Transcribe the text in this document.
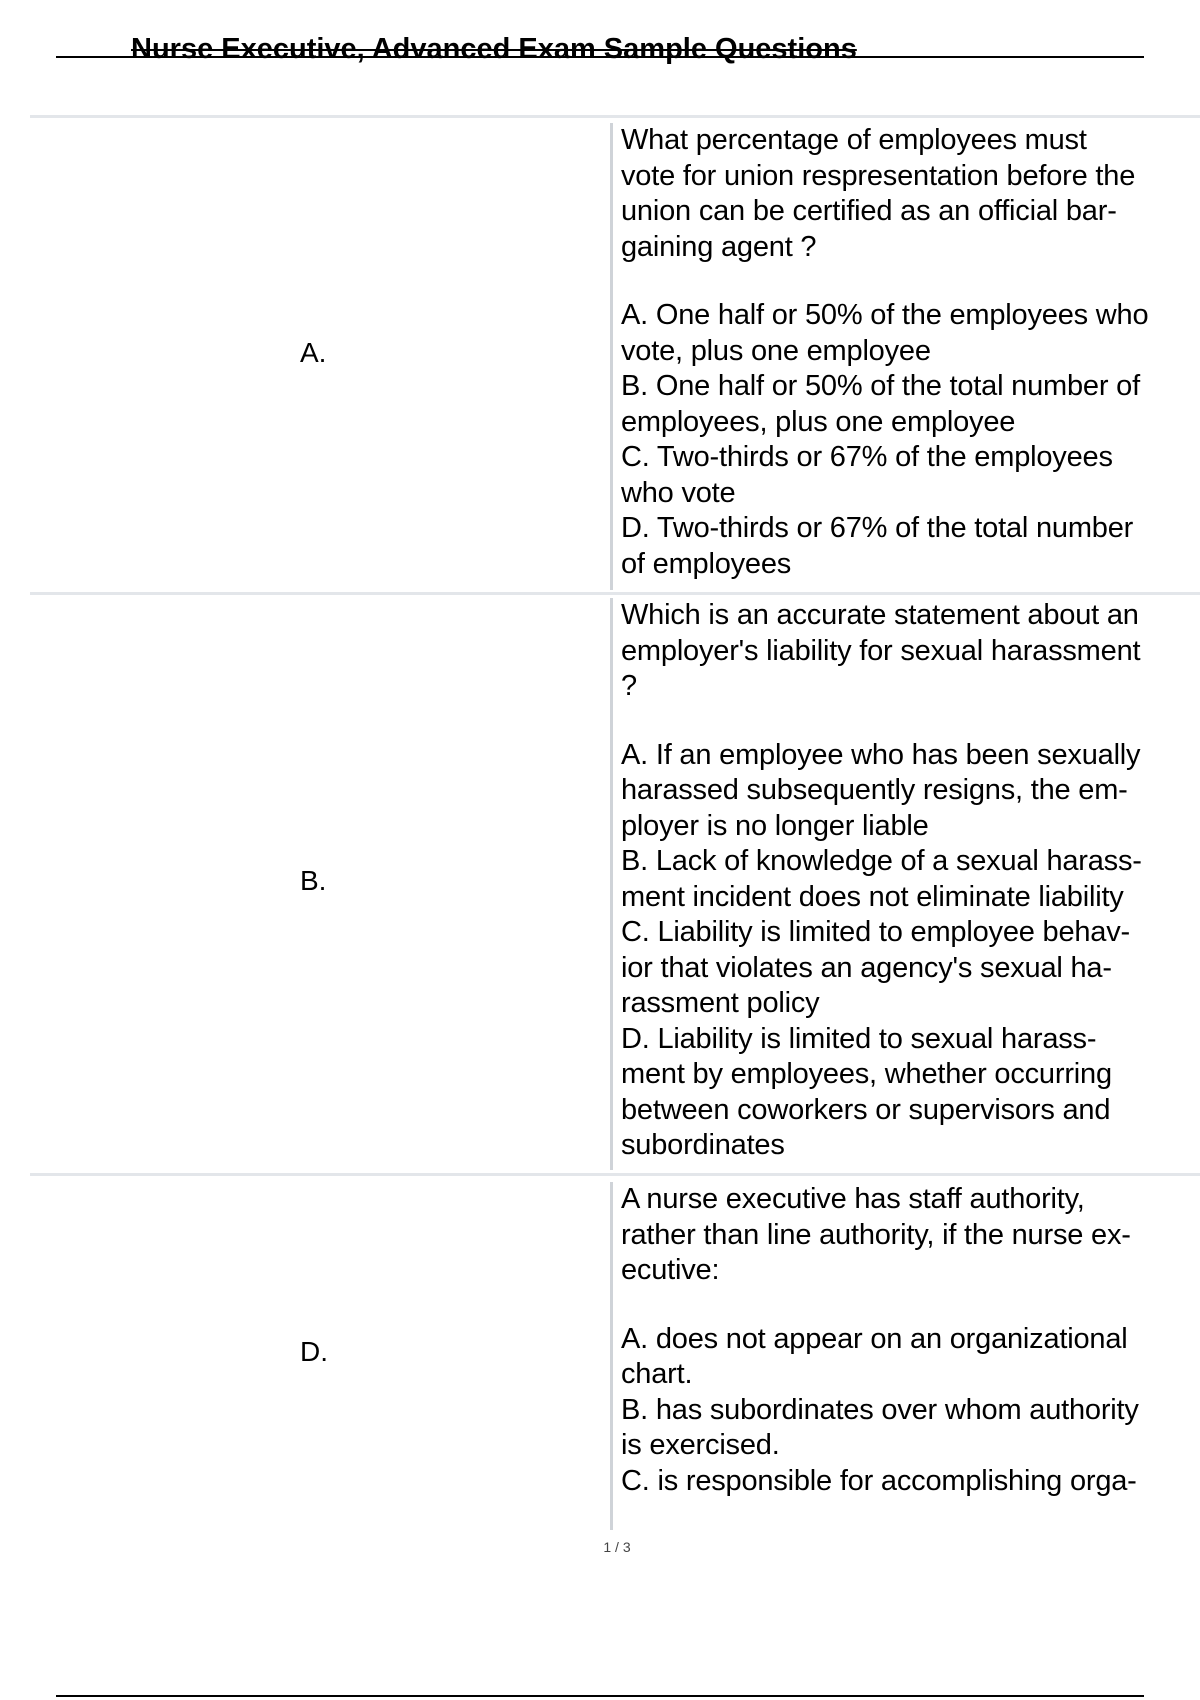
Nurse Executive, Advanced Exam Sample Questions
A.
What percentage of employees must
vote for union respresentation before the
union can be certified as an official bar-
gaining agent ?
A. One half or 50% of the employees who
vote, plus one employee
B. One half or 50% of the total number of
employees, plus one employee
C. Two-thirds or 67% of the employees
who vote
D. Two-thirds or 67% of the total number
of employees
B.
Which is an accurate statement about an
employer's liability for sexual harassment
?
A. If an employee who has been sexually
harassed subsequently resigns, the em-
ployer is no longer liable
B. Lack of knowledge of a sexual harass-
ment incident does not eliminate liability
C. Liability is limited to employee behav-
ior that violates an agency's sexual ha-
rassment policy
D. Liability is limited to sexual harass-
ment by employees, whether occurring
between coworkers or supervisors and
subordinates
D.
A nurse executive has staff authority,
rather than line authority, if the nurse ex-
ecutive:
A. does not appear on an organizational
chart.
B. has subordinates over whom authority
is exercised.
C. is responsible for accomplishing orga-
1 / 3
